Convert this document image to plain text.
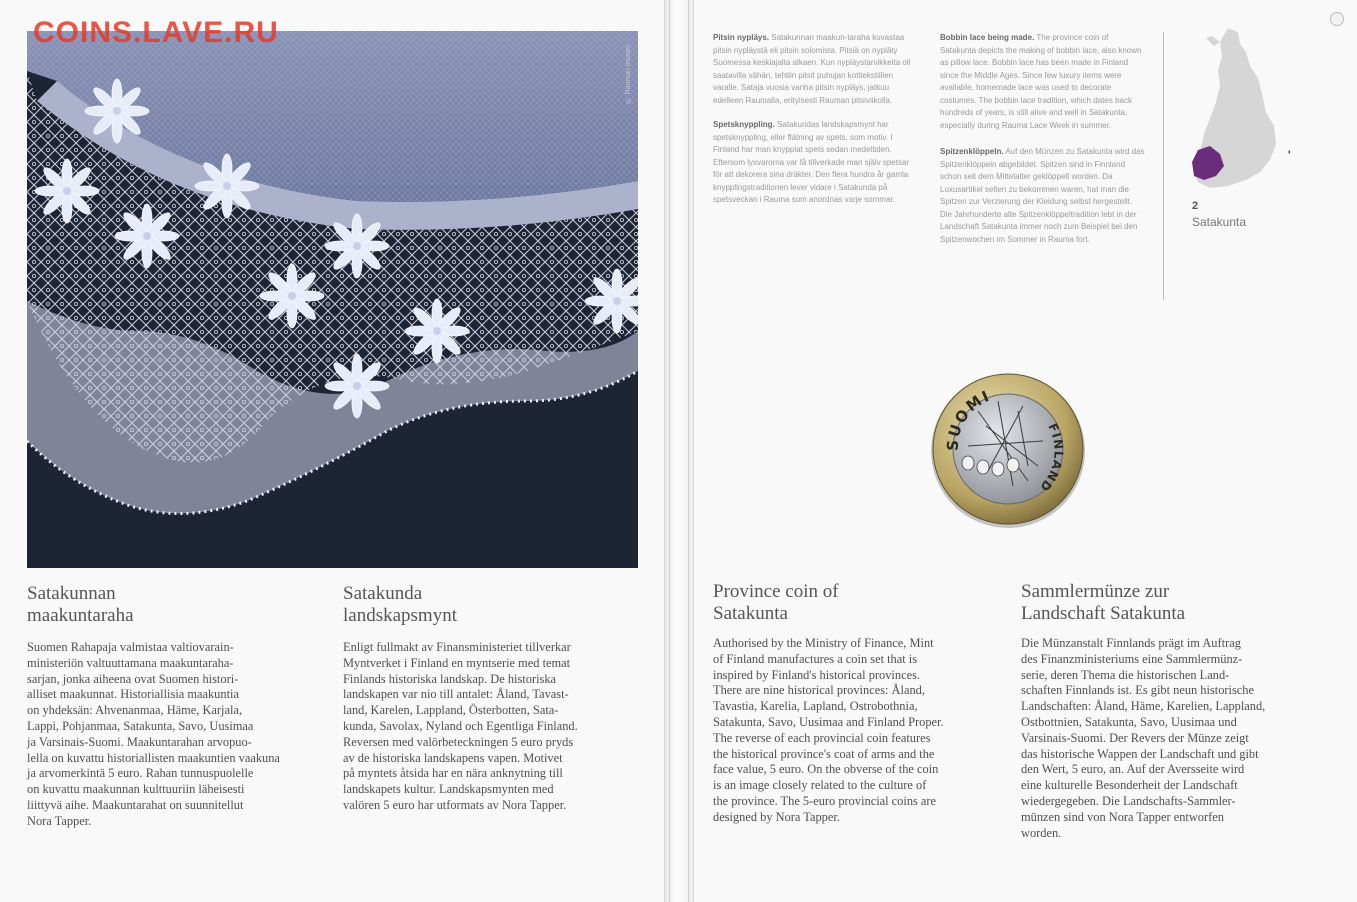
© Rauman museo
Satakunnan
maakuntaraha

Suomen Rahapaja valmistaa valtiovarain-
ministeriön valtuuttamana maakuntaraha-
sarjan, jonka aiheena ovat Suomen histori-
alliset maakunnat. Historiallisia maakuntia
on yhdeksän: Ahvenanmaa, Häme, Karjala,
Lappi, Pohjanmaa, Satakunta, Savo, Uusimaa
ja Varsinais-Suomi. Maakuntarahan arvopuo-
lella on kuvattu historiallisten maakuntien vaakuna
ja arvomerkintä 5 euro. Rahan tunnuspuolelle
on kuvattu maakunnan kulttuuriin läheisesti
liittyvä aihe. Maakuntarahat on suunnitellut
Nora Tapper.

Satakunda
landskapsmynt

Enligt fullmakt av Finansministeriet tillverkar
Myntverket i Finland en myntserie med temat
Finlands historiska landskap. De historiska
landskapen var nio till antalet: Åland, Tavast-
land, Karelen, Lappland, Österbotten, Sata-
kunda, Savolax, Nyland och Egentliga Finland.
Reversen med valörbeteckningen 5 euro pryds
av de historiska landskapens vapen. Motivet
på myntets åtsida har en nära anknytning till
landskapets kultur. Landskapsmynten med
valören 5 euro har utformats av Nora Tapper.

COINS.LAVE.RU	Pitsin nypläys. Satakunnan maakun-taraha kuvastaa pitsin nypläystä eli pitsin solomista. Pitsiä on nypläty Suomessa keskiajalta alkaen. Kun nypläystarvikkeita oli saatavilla vähän, tehtiin pitsit puhujan kotitekstiilien varalle. Sataja vuosia vanha pitsin nypläys, jatkuu edelleen Raumalla, erityisesti Rauman pitsiviikolla.

Spetsknyppling. Satakundas landskapsmynt har spetsknyppling, eller flätning av spets, som motiv. I Finland har man knypplat spets sedan medeltiden. Eftersom lyxvarorna var få tillverkade man själv spetsar för att dekorera sina dräkter. Den flera hundra år gamla knypplingstraditionen lever vidare i Satakunda på spetsveckan i Rauma som anordnas varje sommar.

Bobbin lace being made. The province coin of Satakunta depicts the making of bobbin lace, also known as pillow lace. Bobbin lace has been made in Finland since the Middle Ages. Since few luxury items were available, homemade lace was used to decorate costumes. The bobbin lace tradition, which dates back hundreds of years, is still alive and well in Satakunta, especially during Rauma Lace Week in summer.

Spitzenklöppeln. Auf den Münzen zu Satakunta wird das Spitzenklöppeln abgebildet. Spitzen sind in Finnland schon seit dem Mittelalter geklöppelt worden. Da Luxusartikel selten zu bekommen waren, hat man die Spitzen zur Verzierung der Kleidung selbst hergestellt. Die Jahrhunderte alte Spitzenklöppeltradition lebt in der Landschaft Satakunta immer noch zum Beispiel bei den Spitzenwochen im Sommer in Rauma fort.

2
Satakunta
SUOMI
FINLAND
Province coin of
Satakunta

Authorised by the Ministry of Finance, Mint
of Finland manufactures a coin set that is
inspired by Finland's historical provinces.
There are nine historical provinces: Åland,
Tavastia, Karelia, Lapland, Ostrobothnia,
Satakunta, Savo, Uusimaa and Finland Proper.
The reverse of each provincial coin features
the historical province's coat of arms and the
face value, 5 euro. On the obverse of the coin
is an image closely related to the culture of
the province. The 5-euro provincial coins are
designed by Nora Tapper.

Sammlermünze zur
Landschaft Satakunta

Die Münzanstalt Finnlands prägt im Auftrag
des Finanzministeriums eine Sammlermünz-
serie, deren Thema die historischen Land-
schaften Finnlands ist. Es gibt neun historische
Landschaften: Åland, Häme, Karelien, Lappland,
Ostbottnien, Satakunta, Savo, Uusimaa und
Varsinais-Suomi. Der Revers der Münze zeigt
das historische Wappen der Landschaft und gibt
den Wert, 5 euro, an. Auf der Aversseite wird
eine kulturelle Besonderheit der Landschaft
wiedergegeben. Die Landschafts-Sammler-
münzen sind von Nora Tapper entworfen
worden.
